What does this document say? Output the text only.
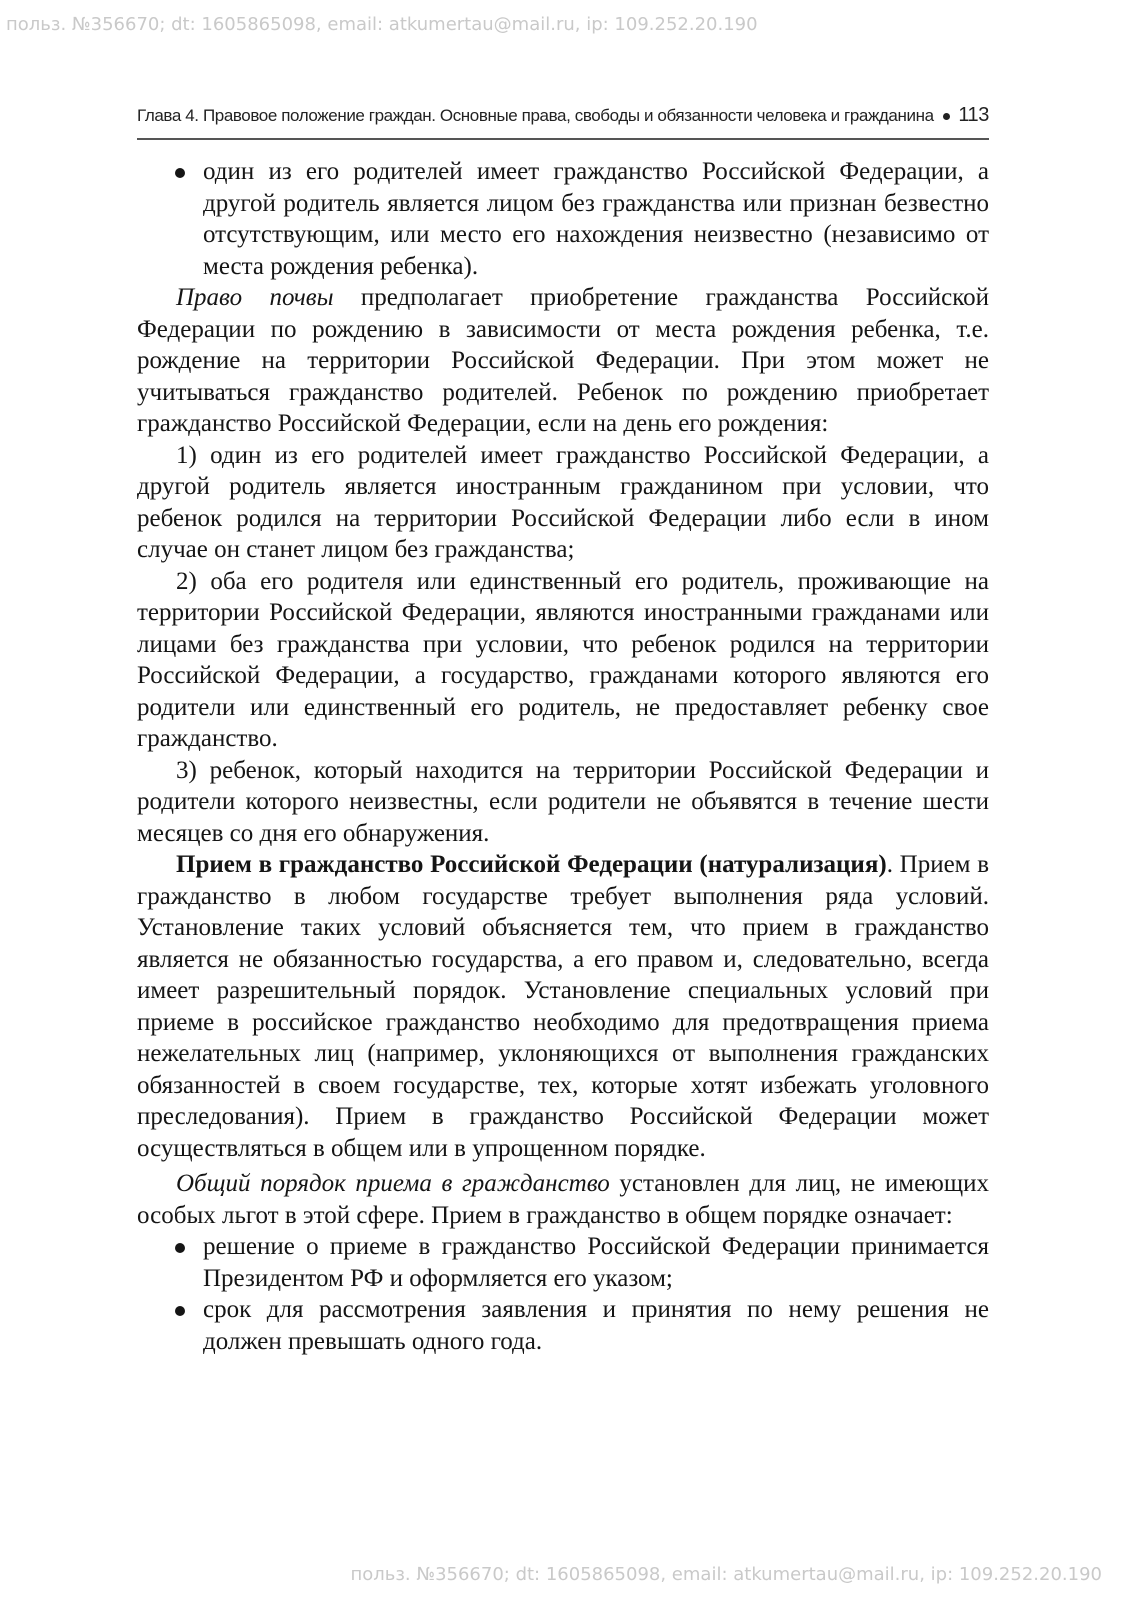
польз. №356670; dt: 1605865098, email: atkumertau@mail.ru, ip: 109.252.20.190
Глава 4. Правовое положение граждан. Основные права, свободы и обязанности человека и гражданина 113

один из его родителей имеет гражданство Российской Федерации, а другой родитель является лицом без гражданства или признан безвестно отсутствующим, или место его нахождения неизвестно (независимо от места рождения ребенка).

Право почвы предполагает приобретение гражданства Российской Федерации по рождению в зависимости от места рождения ребенка, т.е. рождение на территории Российской Федерации. При этом может не учитываться гражданство родителей. Ребенок по рождению приобретает гражданство Российской Федерации, если на день его рождения:

1) один из его родителей имеет гражданство Российской Федерации, а другой родитель является иностранным гражданином при условии, что ребенок родился на территории Российской Федерации либо если в ином случае он станет лицом без гражданства;

2) оба его родителя или единственный его родитель, проживающие на территории Российской Федерации, являются иностранными гражданами или лицами без гражданства при условии, что ребенок родился на территории Российской Федерации, а государство, гражданами которого являются его родители или единственный его родитель, не предоставляет ребенку свое гражданство.

3) ребенок, который находится на территории Российской Федерации и родители которого неизвестны, если родители не объявятся в течение шести месяцев со дня его обнаружения.

Прием в гражданство Российской Федерации (натурализация). Прием в гражданство в любом государстве требует выполнения ряда условий. Установление таких условий объясняется тем, что прием в гражданство является не обязанностью государства, а его правом и, следовательно, всегда имеет разрешительный порядок. Установление специальных условий при приеме в российское гражданство необходимо для предотвращения приема нежелательных лиц (например, уклоняющихся от выполнения гражданских обязанностей в своем государстве, тех, которые хотят избежать уголовного преследования). Прием в гражданство Российской Федерации может осуществляться в общем или в упрощенном порядке.

Общий порядок приема в гражданство установлен для лиц, не имеющих особых льгот в этой сфере. Прием в гражданство в общем порядке означает:

решение о приеме в гражданство Российской Федерации принимается Президентом РФ и оформляется его указом;

срок для рассмотрения заявления и принятия по нему решения не должен превышать одного года.

польз. №356670; dt: 1605865098, email: atkumertau@mail.ru, ip: 109.252.20.190
